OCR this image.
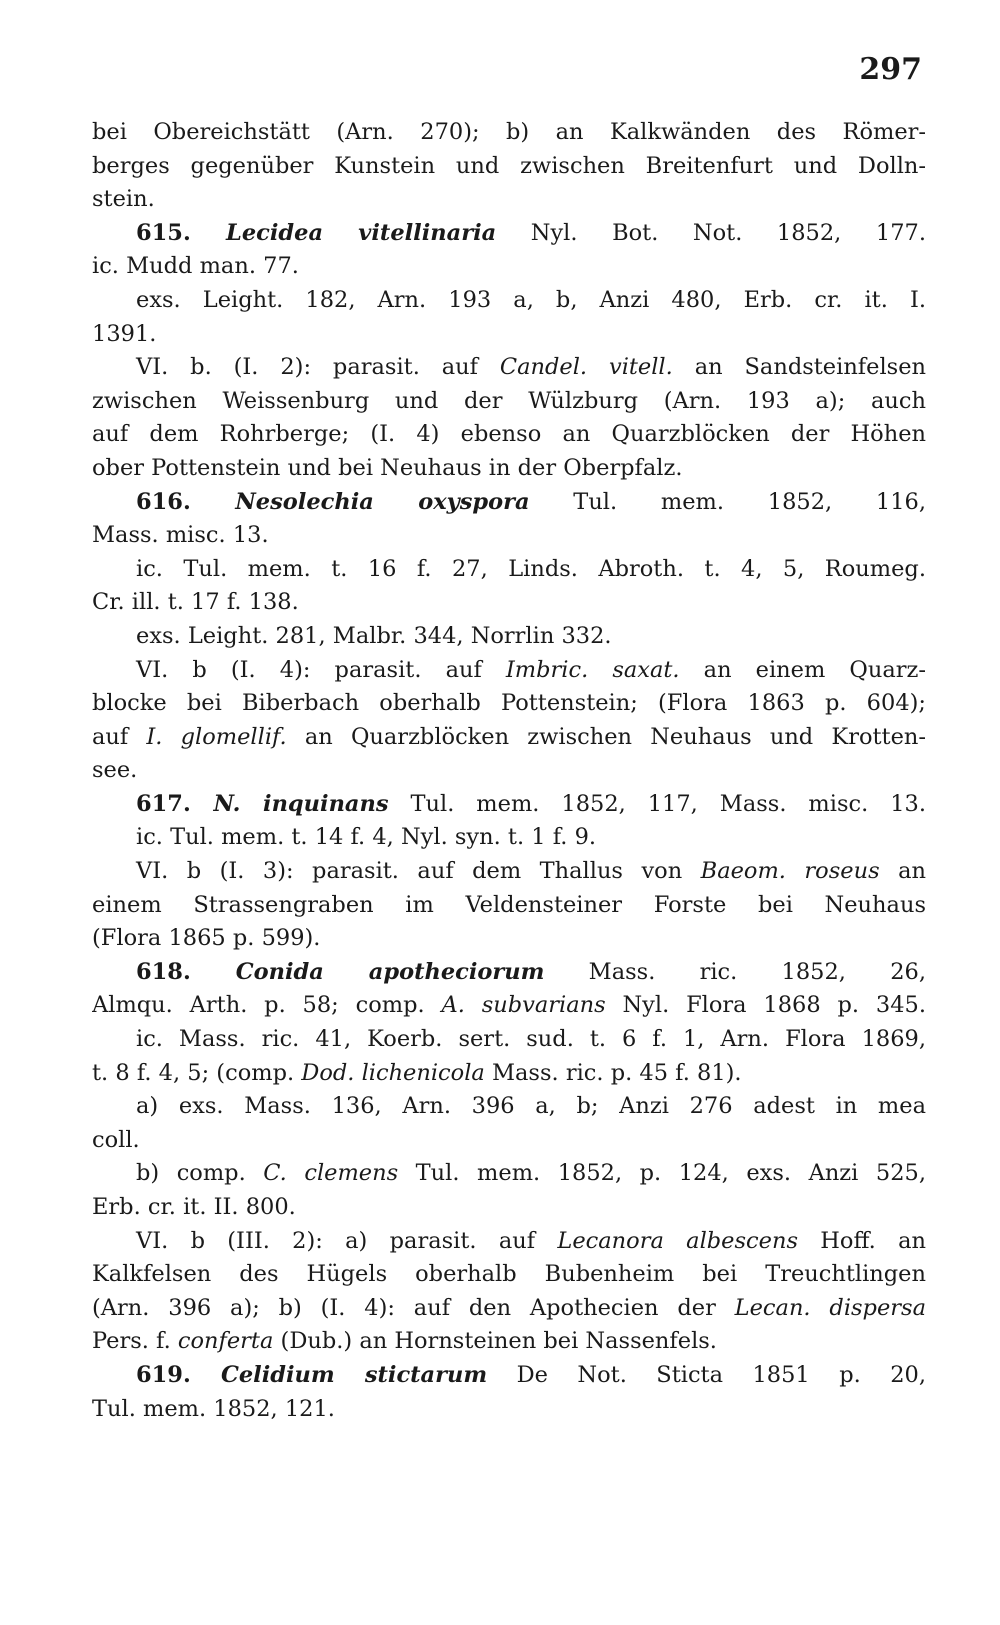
297
bei Obereichstätt (Arn. 270); b) an Kalkwänden des Römer-
berges gegenüber Kunstein und zwischen Breitenfurt und Dolln-
stein.
615. Lecidea vitellinaria Nyl. Bot. Not. 1852, 177.
ic. Mudd man. 77.
exs. Leight. 182, Arn. 193 a, b, Anzi 480, Erb. cr. it. I.
1391.
VI. b. (I. 2): parasit. auf Candel. vitell. an Sandsteinfelsen
zwischen Weissenburg und der Wülzburg (Arn. 193 a); auch
auf dem Rohrberge; (I. 4) ebenso an Quarzblöcken der Höhen
ober Pottenstein und bei Neuhaus in der Oberpfalz.
616. Nesolechia oxyspora Tul. mem. 1852, 116,
Mass. misc. 13.
ic. Tul. mem. t. 16 f. 27, Linds. Abroth. t. 4, 5, Roumeg.
Cr. ill. t. 17 f. 138.
exs. Leight. 281, Malbr. 344, Norrlin 332.
VI. b (I. 4): parasit. auf Imbric. saxat. an einem Quarz-
blocke bei Biberbach oberhalb Pottenstein; (Flora 1863 p. 604);
auf I. glomellif. an Quarzblöcken zwischen Neuhaus und Krotten-
see.
617. N. inquinans Tul. mem. 1852, 117, Mass. misc. 13.
ic. Tul. mem. t. 14 f. 4, Nyl. syn. t. 1 f. 9.
VI. b (I. 3): parasit. auf dem Thallus von Baeom. roseus an
einem Strassengraben im Veldensteiner Forste bei Neuhaus
(Flora 1865 p. 599).
618. Conida apotheciorum Mass. ric. 1852, 26,
Almqu. Arth. p. 58; comp. A. subvarians Nyl. Flora 1868 p. 345.
ic. Mass. ric. 41, Koerb. sert. sud. t. 6 f. 1, Arn. Flora 1869,
t. 8 f. 4, 5; (comp. Dod. lichenicola Mass. ric. p. 45 f. 81).
a) exs. Mass. 136, Arn. 396 a, b; Anzi 276 adest in mea
coll.
b) comp. C. clemens Tul. mem. 1852, p. 124, exs. Anzi 525,
Erb. cr. it. II. 800.
VI. b (III. 2): a) parasit. auf Lecanora albescens Hoff. an
Kalkfelsen des Hügels oberhalb Bubenheim bei Treuchtlingen
(Arn. 396 a); b) (I. 4): auf den Apothecien der Lecan. dispersa
Pers. f. conferta (Dub.) an Hornsteinen bei Nassenfels.
619. Celidium stictarum De Not. Sticta 1851 p. 20,
Tul. mem. 1852, 121.
